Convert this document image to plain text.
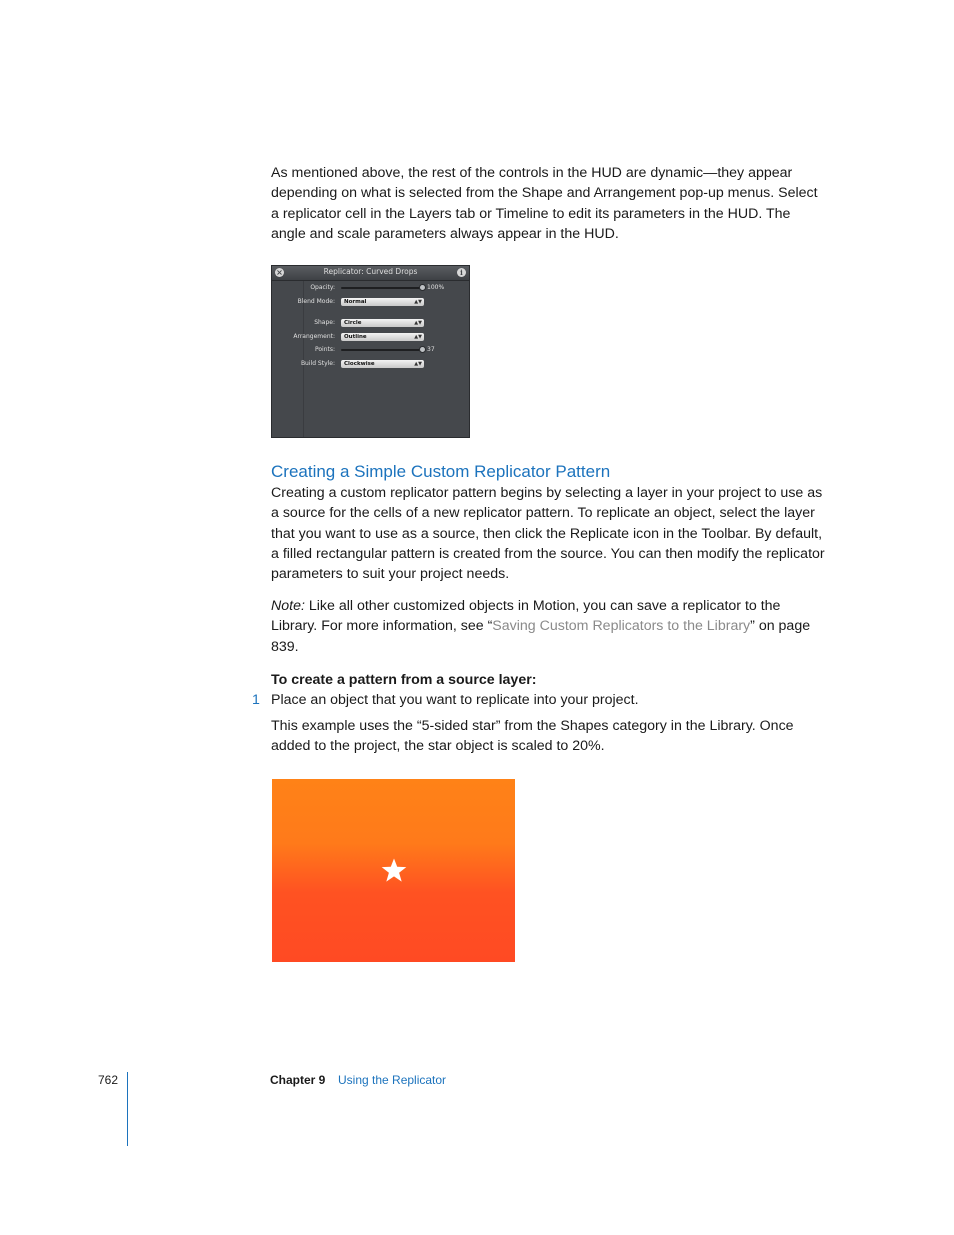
As mentioned above, the rest of the controls in the HUD are dynamic—they appear depending on what is selected from the Shape and Arrangement pop-up menus. Select a replicator cell in the Layers tab or Timeline to edit its parameters in the HUD. The angle and scale parameters always appear in the HUD.

×	Replicator: Curved Drops	i
Opacity:	100%
Blend Mode:	Normal	▲▼
Shape:	Circle	▲▼
Arrangement:	Outline	▲▼
Points:	37
Build Style:	Clockwise	▲▼
Creating a Simple Custom Replicator Pattern

Creating a custom replicator pattern begins by selecting a layer in your project to use as a source for the cells of a new replicator pattern. To replicate an object, select the layer that you want to use as a source, then click the Replicate icon in the Toolbar. By default, a filled rectangular pattern is created from the source. You can then modify the replicator parameters to suit your project needs.

Note: Like all other customized objects in Motion, you can save a replicator to the Library. For more information, see “Saving Custom Replicators to the Library” on page 839.

To create a pattern from a source layer:
1 Place an object that you want to replicate into your project.

This example uses the “5-sided star” from the Shapes category in the Library. Once added to the project, the star object is scaled to 20%.

762	Chapter 9 Using the Replicator
